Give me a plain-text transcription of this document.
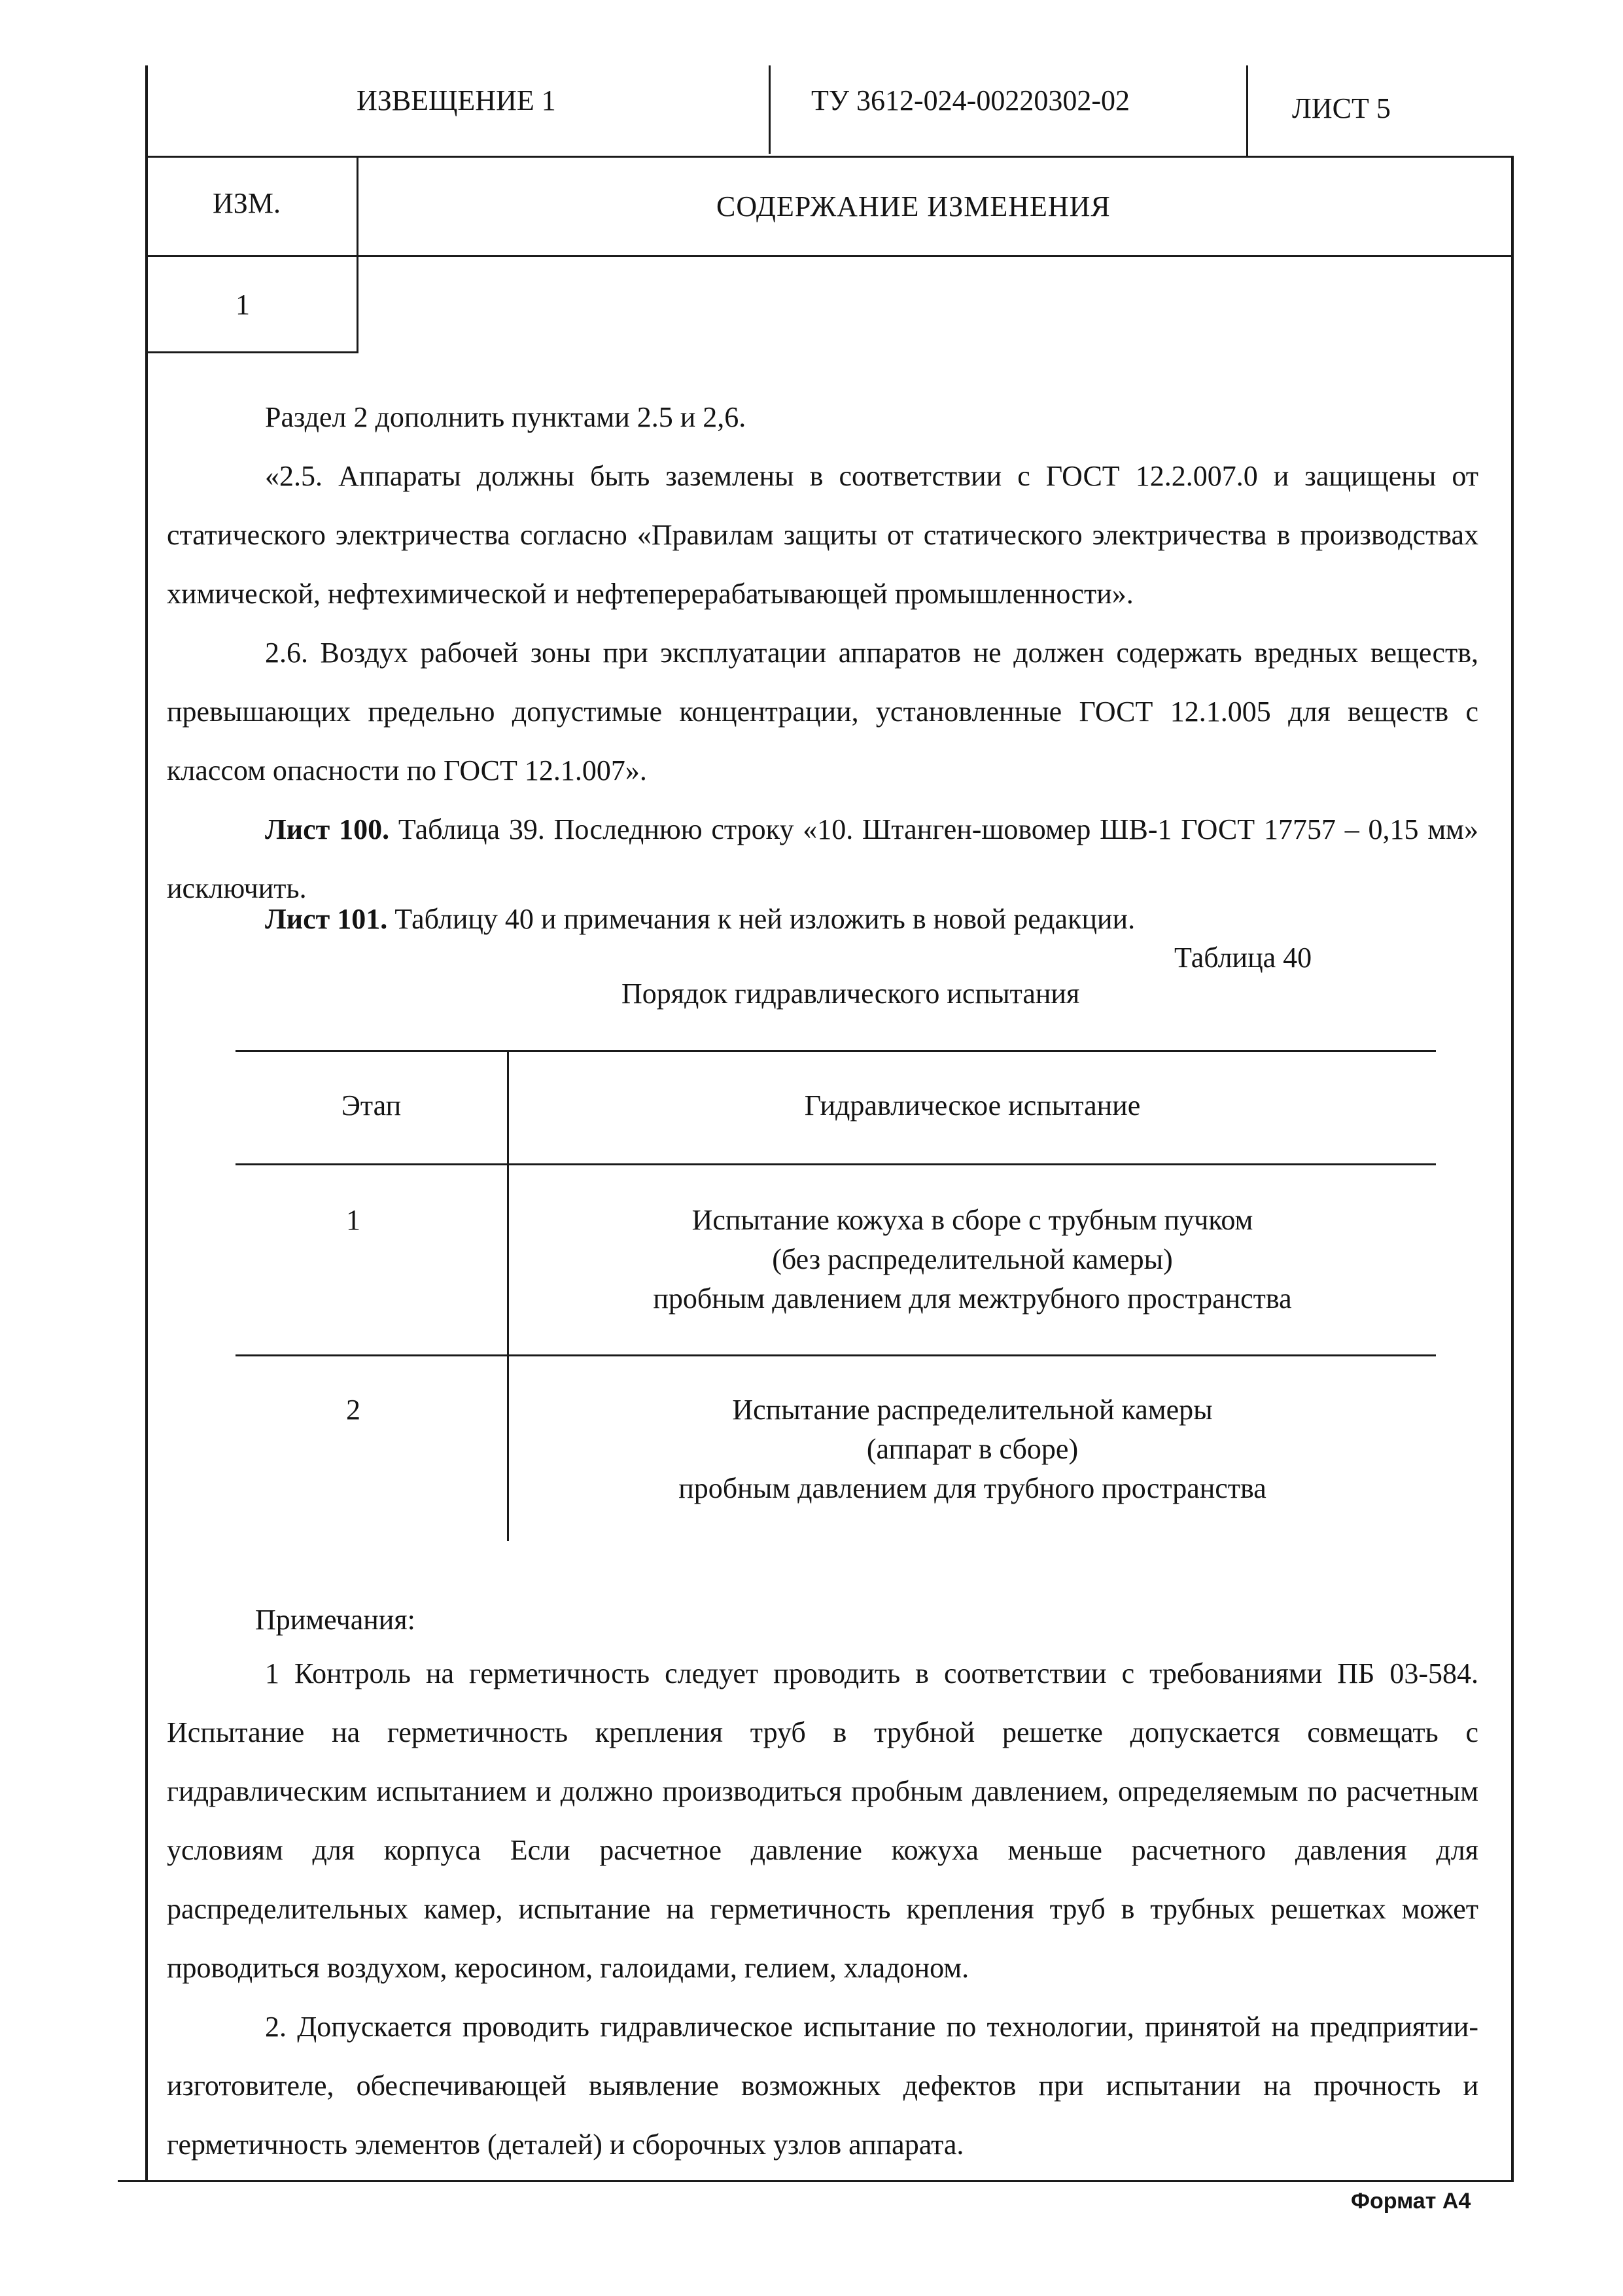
ИЗВЕЩЕНИЕ 1	ТУ 3612-024-00220302-02	ЛИСТ 5
ИЗМ.	СОДЕРЖАНИЕ ИЗМЕНЕНИЯ
1

Раздел 2 дополнить пунктами 2.5 и 2,6.

«2.5. Аппараты должны быть заземлены в соответствии с ГОСТ 12.2.007.0 и защищены от статического электричества согласно «Правилам защиты от статического электричества в производствах химической, нефтехимической и нефтеперерабатывающей промышленности».

2.6. Воздух рабочей зоны при эксплуатации аппаратов не должен содержать вредных веществ, превышающих предельно допустимые концентрации, установленные ГОСТ 12.1.005 для веществ с классом опасности по ГОСТ 12.1.007».

Лист 100. Таблица 39. Последнюю строку «10. Штанген-шовомер ШВ-1 ГОСТ 17757 – 0,15 мм» исключить.

Лист 101. Таблицу 40 и примечания к ней изложить в новой редакции.

Таблица 40
Порядок гидравлического испытания
Этап	Гидравлическое испытание
1	Испытание кожуха в сборе с трубным пучком
(без распределительной камеры)
пробным давлением для межтрубного пространства
2	Испытание распределительной камеры
(аппарат в сборе)
пробным давлением для трубного пространства
Примечания:

1 Контроль на герметичность следует проводить в соответствии с требованиями ПБ 03-584. Испытание на герметичность крепления труб в трубной решетке допускается совмещать с гидравлическим испытанием и должно производиться пробным давлением, определяемым по расчетным условиям для корпуса Если расчетное давление кожуха меньше расчетного давления для распределительных камер, испытание на герметичность крепления труб в трубных решетках может проводиться воздухом, керосином, галоидами, гелием, хладоном.

2. Допускается проводить гидравлическое испытание по технологии, принятой на предприятии-изготовителе, обеспечивающей выявление возможных дефектов при испытании на прочность и герметичность элементов (деталей) и сборочных узлов аппарата.

Формат А4
